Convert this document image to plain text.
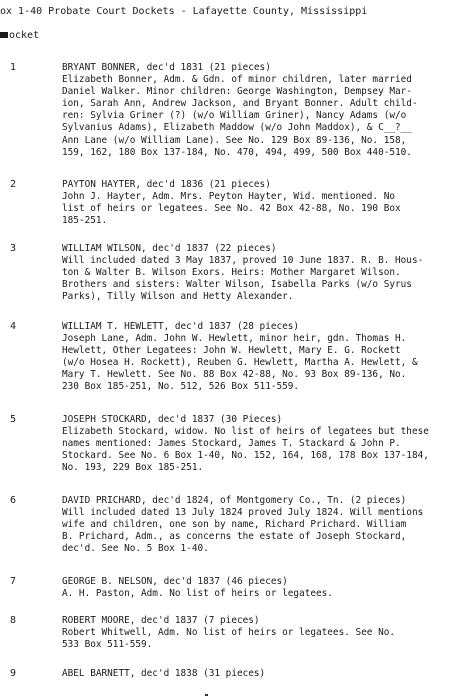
ox 1-40 Probate Court Dockets - Lafayette County, Mississippi
ocket
1	BRYANT BONNER, dec'd 1831 (21 pieces)
Elizabeth Bonner, Adm. & Gdn. of minor children, later married
Daniel Walker. Minor children: George Washington, Dempsey Mar-
ion, Sarah Ann, Andrew Jackson, and Bryant Bonner. Adult child-
ren: Sylvia Griner (?) (w/o William Griner), Nancy Adams (w/o
Sylvanius Adams), Elizabeth Maddow (w/o John Maddox), & C__?__
Ann Lane (w/o William Lane). See No. 129 Box 89-136, No. 158,
159, 162, 180 Box 137-184, No. 470, 494, 499, 500 Box 440-510.
2	PAYTON HAYTER, dec'd 1836 (21 pieces)
John J. Hayter, Adm. Mrs. Peyton Hayter, Wid. mentioned. No
list of heirs or legatees. See No. 42 Box 42-88, No. 190 Box
185-251.
3	WILLIAM WILSON, dec'd 1837 (22 pieces)
Will included dated 3 May 1837, proved 10 June 1837. R. B. Hous-
ton & Walter B. Wilson Exors. Heirs: Mother Margaret Wilson.
Brothers and sisters: Walter Wilson, Isabella Parks (w/o Syrus
Parks), Tilly Wilson and Hetty Alexander.
4	WILLIAM T. HEWLETT, dec'd 1837 (28 pieces)
Joseph Lane, Adm. John W. Hewlett, minor heir, gdn. Thomas H.
Hewlett, Other Legatees: John W. Hewlett, Mary E. G. Rockett
(w/o Hosea H. Rockett), Reuben G. Hewlett, Martha A. Hewlett, &
Mary T. Hewlett. See No. 88 Box 42-88, No. 93 Box 89-136, No.
230 Box 185-251, No. 512, 526 Box 511-559.
5	JOSEPH STOCKARD, dec'd 1837 (30 Pieces)
Elizabeth Stockard, widow. No list of heirs of legatees but these
names mentioned: James Stockard, James T. Stackard & John P.
Stockard. See No. 6 Box 1-40, No. 152, 164, 168, 178 Box 137-184,
No. 193, 229 Box 185-251.
6	DAVID PRICHARD, dec'd 1824, of Montgomery Co., Tn. (2 pieces)
Will included dated 13 July 1824 proved July 1824. Will mentions
wife and children, one son by name, Richard Prichard. William
B. Prichard, Adm., as concerns the estate of Joseph Stockard,
dec'd. See No. 5 Box 1-40.
7	GEORGE B. NELSON, dec'd 1837 (46 pieces)
A. H. Paston, Adm. No list of heirs or legatees.
8	ROBERT MOORE, dec'd 1837 (7 pieces)
Robert Whitwell, Adm. No list of heirs or legatees. See No.
533 Box 511-559.
9	ABEL BARNETT, dec'd 1838 (31 pieces)
